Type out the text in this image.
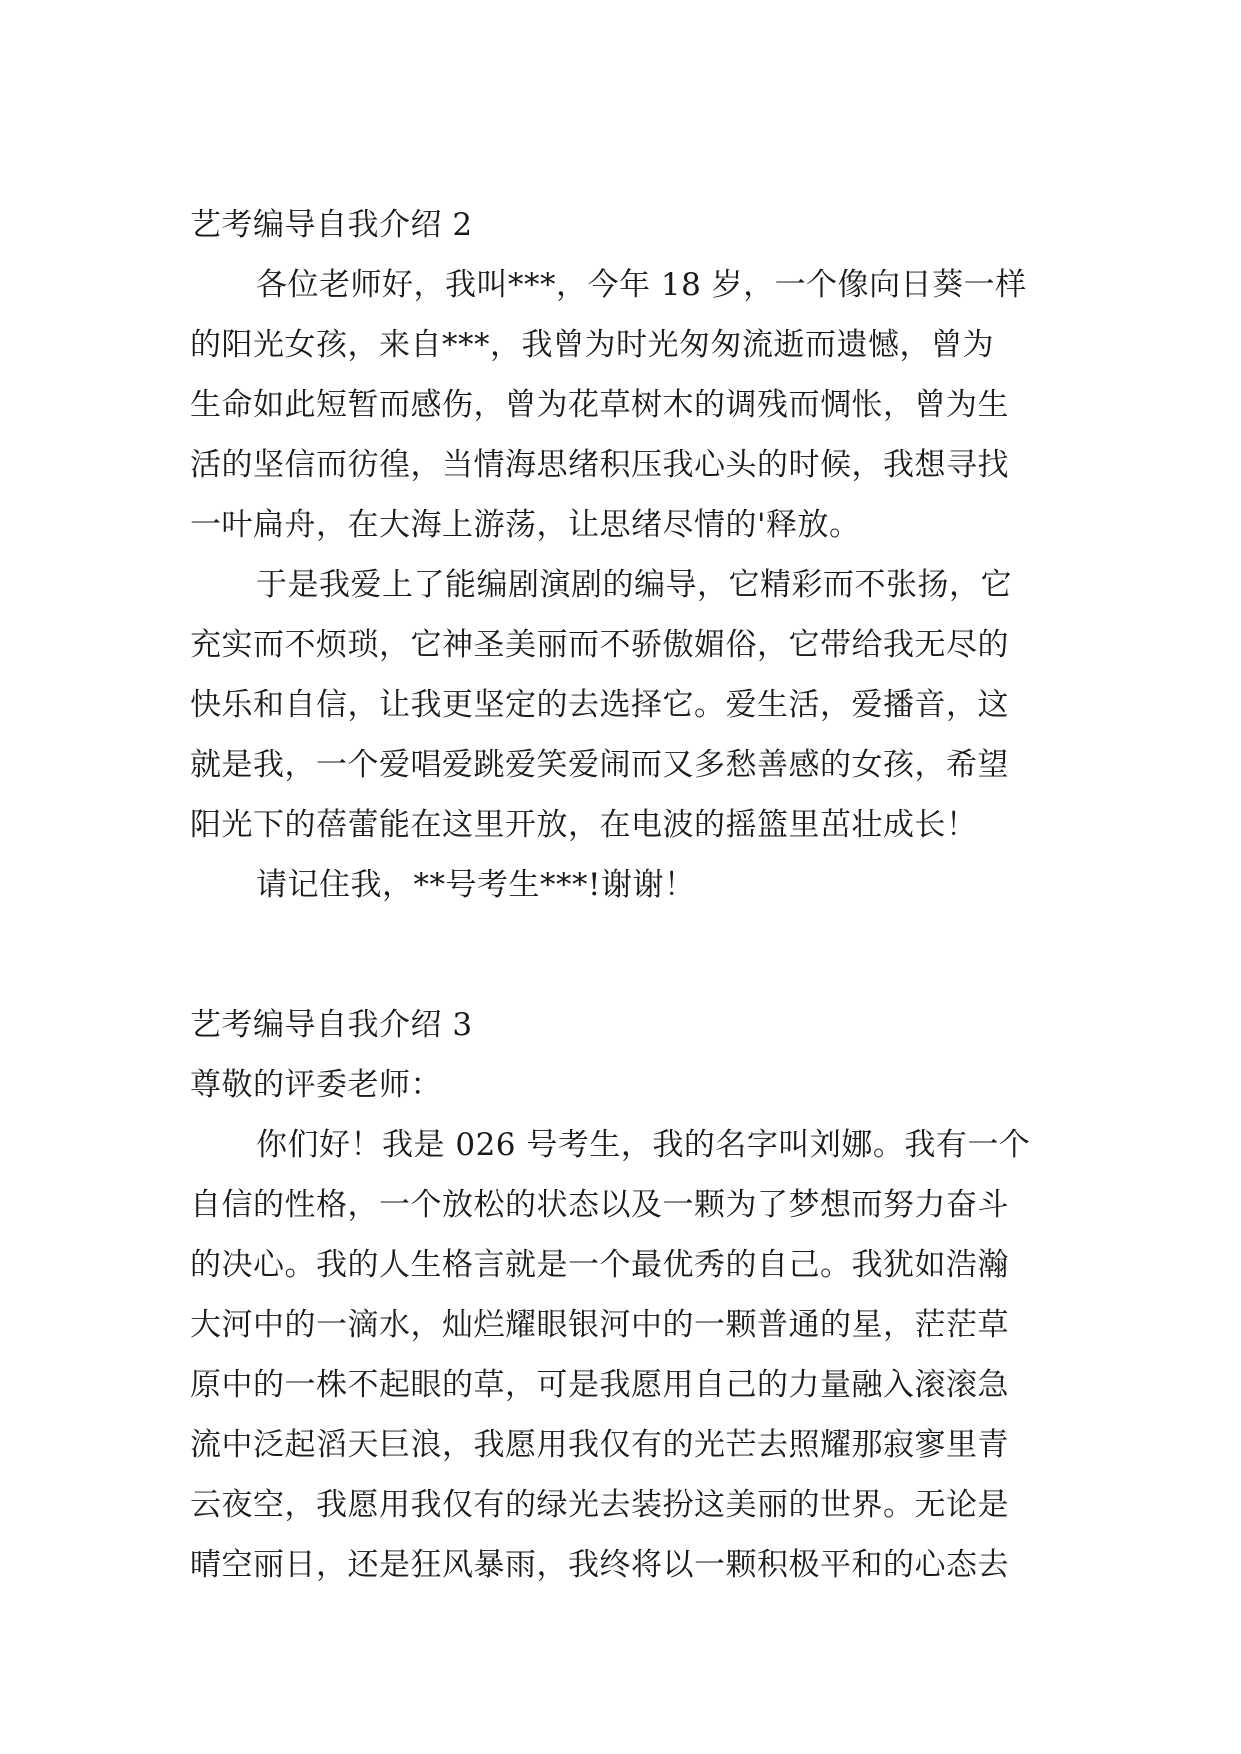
艺考编导自我介绍 2
各位老师好，我叫***，今年 18 岁，一个像向日葵一样
的阳光女孩，来自***，我曾为时光匆匆流逝而遗憾，曾为
生命如此短暂而感伤，曾为花草树木的调残而惆怅，曾为生
活的坚信而彷徨，当情海思绪积压我心头的时候，我想寻找
一叶扁舟，在大海上游荡，让思绪尽情的'释放。
于是我爱上了能编剧演剧的编导，它精彩而不张扬，它
充实而不烦琐，它神圣美丽而不骄傲媚俗，它带给我无尽的
快乐和自信，让我更坚定的去选择它。爱生活，爱播音，这
就是我，一个爱唱爱跳爱笑爱闹而又多愁善感的女孩，希望
阳光下的蓓蕾能在这里开放，在电波的摇篮里茁壮成长！
请记住我，**号考生***!谢谢！
艺考编导自我介绍 3
尊敬的评委老师：
你们好！我是 026 号考生，我的名字叫刘娜。我有一个
自信的性格，一个放松的状态以及一颗为了梦想而努力奋斗
的决心。我的人生格言就是一个最优秀的自己。我犹如浩瀚
大河中的一滴水，灿烂耀眼银河中的一颗普通的星，茫茫草
原中的一株不起眼的草，可是我愿用自己的力量融入滚滚急
流中泛起滔天巨浪，我愿用我仅有的光芒去照耀那寂寥里青
云夜空，我愿用我仅有的绿光去装扮这美丽的世界。无论是
晴空丽日，还是狂风暴雨，我终将以一颗积极平和的心态去
